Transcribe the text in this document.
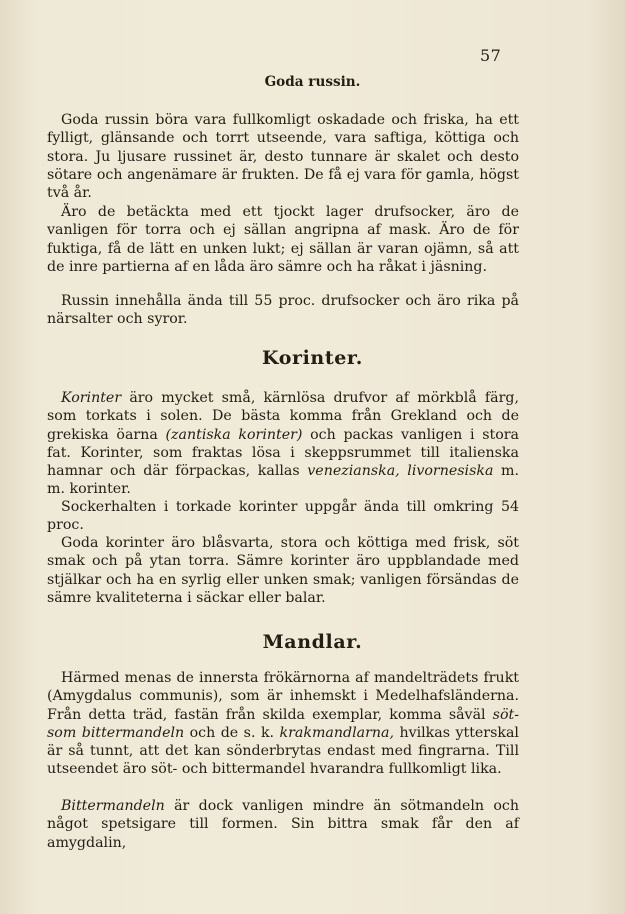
57
Goda russin.

Goda russin böra vara fullkomligt oskadade och friska, ha ett fylligt, glänsande och torrt utseende, vara saftiga, köttiga och stora. Ju ljusare russinet är, desto tunnare är skalet och desto sötare och angenämare är frukten. De få ej vara för gamla, högst två år.

Äro de betäckta med ett tjockt lager drufsocker, äro de vanligen för torra och ej sällan angripna af mask. Äro de för fuktiga, få de lätt en unken lukt; ej sällan är varan ojämn, så att de inre partierna af en låda äro sämre och ha råkat i jäsning.

Russin innehålla ända till 55 proc. drufsocker och äro rika på närsalter och syror.

Korinter.

Korinter äro mycket små, kärnlösa drufvor af mörkblå färg, som torkats i solen. De bästa komma från Grekland och de grekiska öarna (zantiska korinter) och packas vanligen i stora fat. Korinter, som fraktas lösa i skeppsrummet till italienska hamnar och där förpackas, kallas venezianska, livornesiska m. m. korinter.

Sockerhalten i torkade korinter uppgår ända till omkring 54 proc.

Goda korinter äro blåsvarta, stora och köttiga med frisk, söt smak och på ytan torra. Sämre korinter äro uppblandade med stjälkar och ha en syrlig eller unken smak; vanligen försändas de sämre kvaliteterna i säckar eller balar.

Mandlar.

Härmed menas de innersta frökärnorna af mandelträdets frukt (Amygdalus communis), som är inhemskt i Medelhafsländerna. Från detta träd, fastän från skilda exemplar, komma såväl söt- som bittermandeln och de s. k. krakmandlarna, hvilkas ytterskal är så tunnt, att det kan sönderbrytas endast med fingrarna. Till utseendet äro söt- och bittermandel hvarandra fullkomligt lika.

Bittermandeln är dock vanligen mindre än sötmandeln och något spetsigare till formen. Sin bittra smak får den af amygdalin,
